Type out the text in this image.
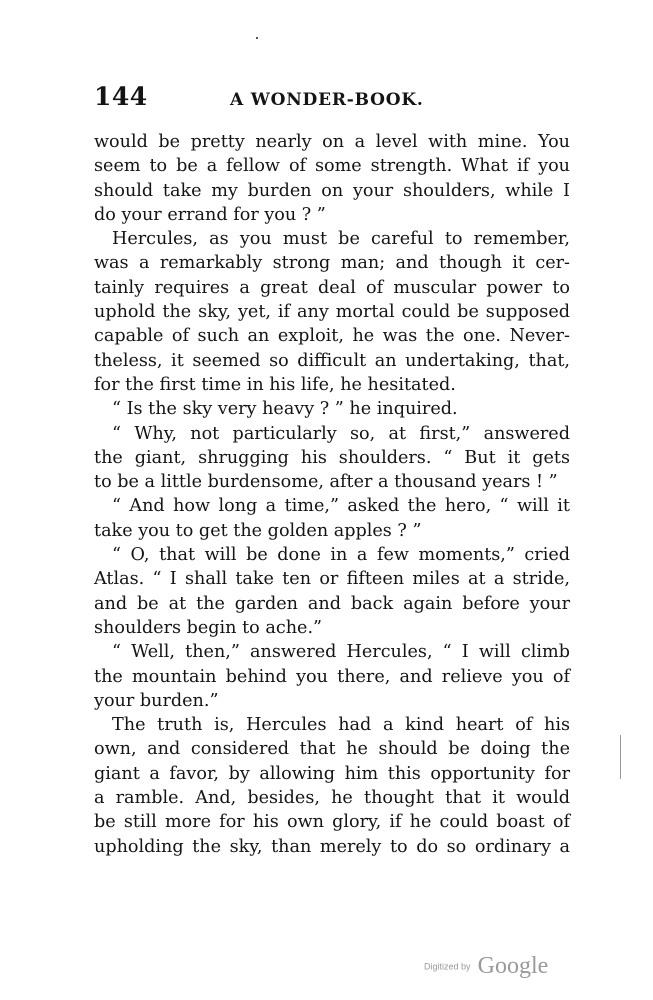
144	A WONDER-BOOK.
would be pretty nearly on a level with mine. You
seem to be a fellow of some strength. What if you
should take my burden on your shoulders, while I
do your errand for you ? ”
Hercules, as you must be careful to remember,
was a remarkably strong man; and though it cer-
tainly requires a great deal of muscular power to
uphold the sky, yet, if any mortal could be supposed
capable of such an exploit, he was the one. Never-
theless, it seemed so difficult an undertaking, that,
for the first time in his life, he hesitated.
“ Is the sky very heavy ? ” he inquired.
“ Why, not particularly so, at first,” answered
the giant, shrugging his shoulders. “ But it gets
to be a little burdensome, after a thousand years ! ”
“ And how long a time,” asked the hero, “ will it
take you to get the golden apples ? ”
“ O, that will be done in a few moments,” cried
Atlas. “ I shall take ten or fifteen miles at a stride,
and be at the garden and back again before your
shoulders begin to ache.”
“ Well, then,” answered Hercules, “ I will climb
the mountain behind you there, and relieve you of
your burden.”
The truth is, Hercules had a kind heart of his
own, and considered that he should be doing the
giant a favor, by allowing him this opportunity for
a ramble. And, besides, he thought that it would
be still more for his own glory, if he could boast of
upholding the sky, than merely to do so ordinary a
Digitized by Google
